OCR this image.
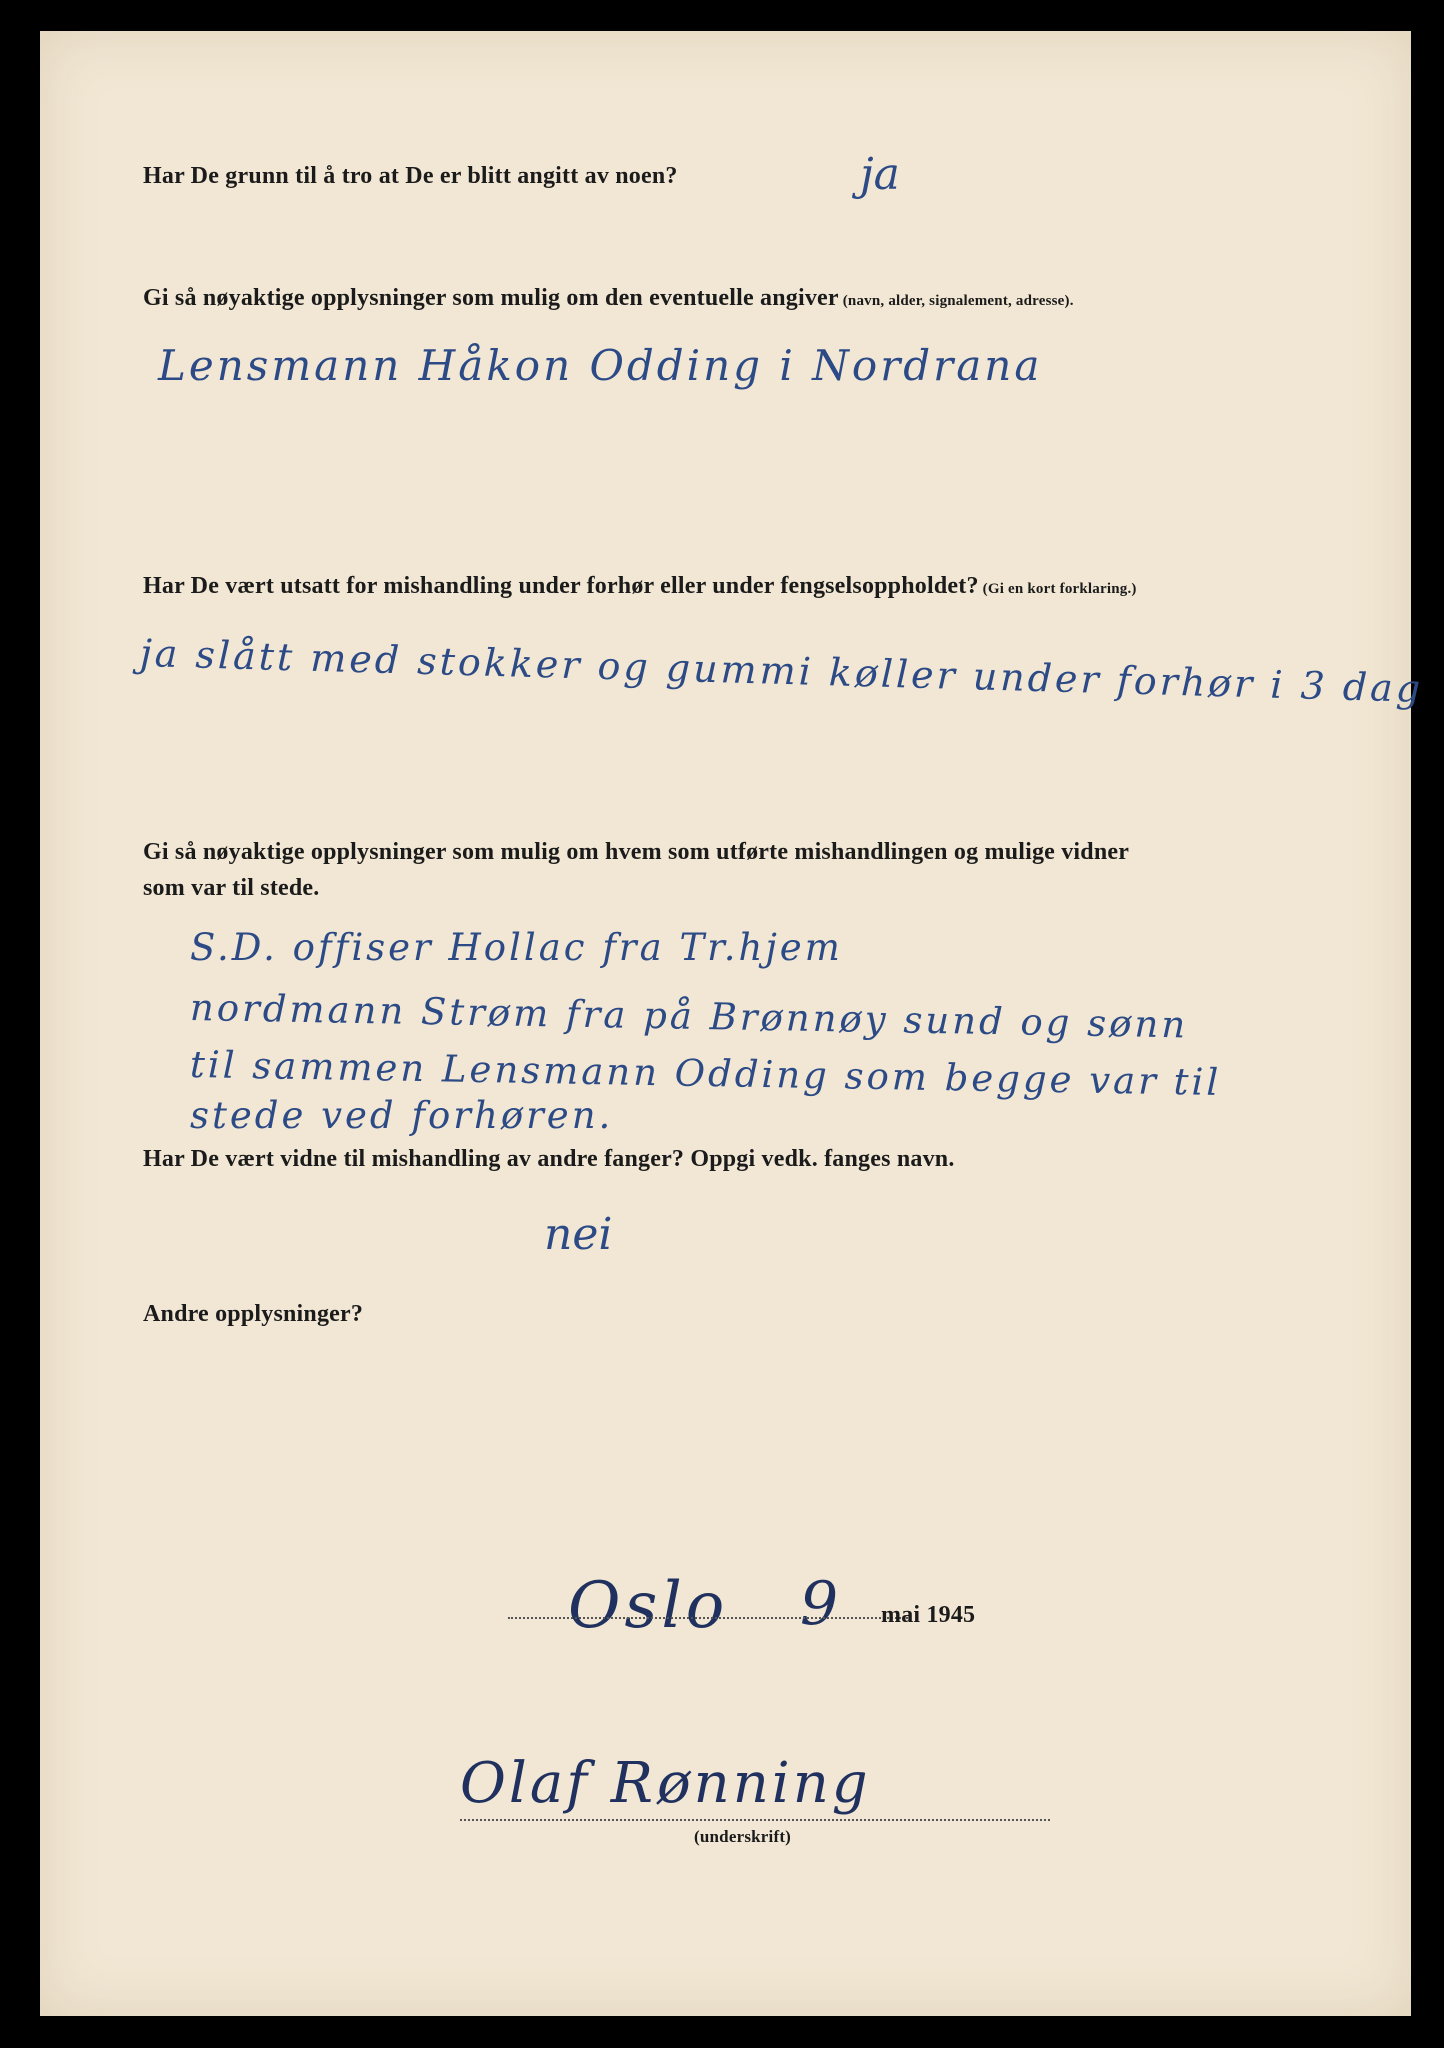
Har De grunn til å tro at De er blitt angitt av noen?	ja
Gi så nøyaktige opplysninger som mulig om den eventuelle angiver (navn, alder, signalement, adresse).
Lensmann Håkon Odding i Nordrana
Har De vært utsatt for mishandling under forhør eller under fengselsoppholdet? (Gi en kort forklaring.)
ja slått med stokker og gummi køller under forhør i 3 dag
Gi så nøyaktige opplysninger som mulig om hvem som utførte mishandlingen og mulige vidner
som var til stede.
S.D. offiser Hollac fra Tr.hjem
nordmann Strøm fra på Brønnøy sund og sønn
til sammen Lensmann Odding som begge var til
stede ved forhøren.
Har De vært vidne til mishandling av andre fanger? Oppgi vedk. fanges navn.
nei
Andre opplysninger?
Oslo 9 mai 1945
Olaf Rønning
(underskrift)
